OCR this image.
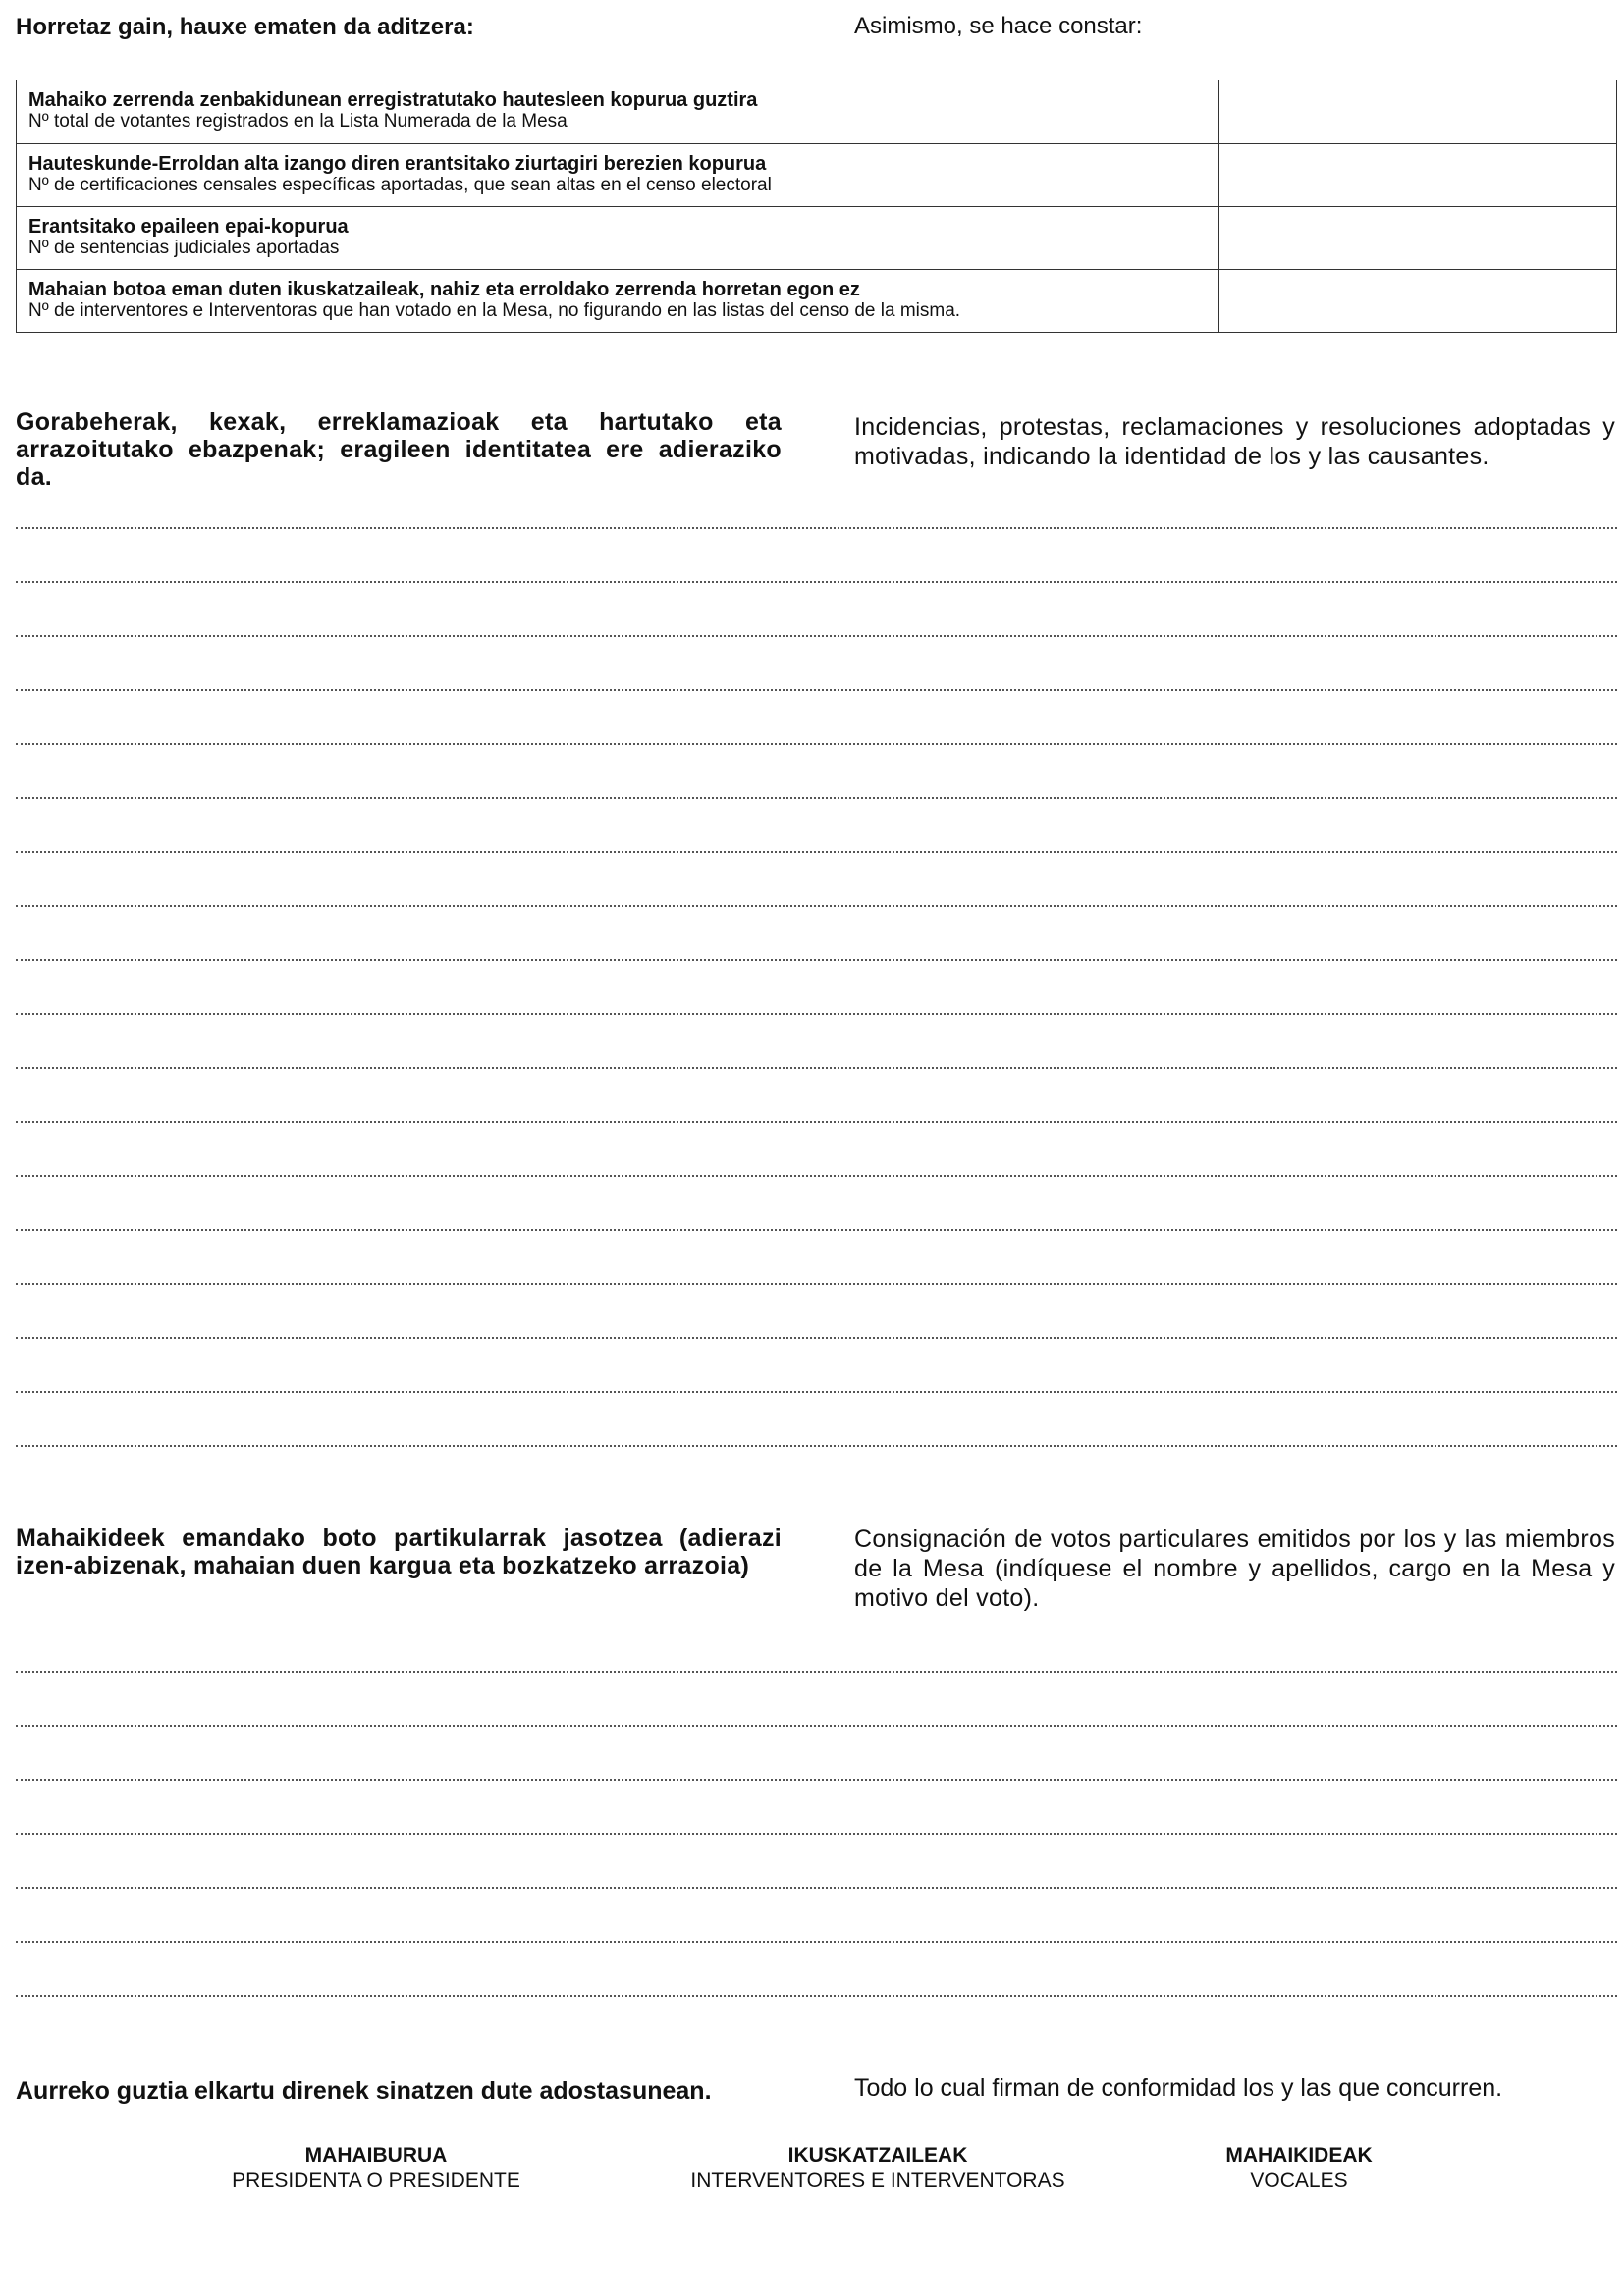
Horretaz gain, hauxe ematen da aditzera:	Asimismo, se hace constar:
Mahaiko zerrenda zenbakidunean erregistratutako hautesleen kopurua guztira
Nº total de votantes registrados en la Lista Numerada de la Mesa
Hauteskunde-Erroldan alta izango diren erantsitako ziurtagiri berezien kopurua
Nº de certificaciones censales específicas aportadas, que sean altas en el censo electoral
Erantsitako epaileen epai-kopurua
Nº de sentencias judiciales aportadas
Mahaian botoa eman duten ikuskatzaileak, nahiz eta erroldako zerrenda horretan egon ez
Nº de interventores e Interventoras que han votado en la Mesa, no figurando en las listas del censo de la misma.
Gorabeherak, kexak, erreklamazioak eta hartutako eta arrazoitutako ebazpenak; eragileen identitatea ere adieraziko da.
Incidencias, protestas, reclamaciones y resoluciones adoptadas y motivadas, indicando la identidad de los y las causantes.
Mahaikideek emandako boto partikularrak jasotzea (adierazi izen-abizenak, mahaian duen kargua eta bozkatzeko arrazoia)
Consignación de votos particulares emitidos por los y las miembros de la Mesa (indíquese el nombre y apellidos, cargo en la Mesa y motivo del voto).
Aurreko guztia elkartu direnek sinatzen dute adostasunean.	Todo lo cual firman de conformidad los y las que concurren.
MAHAIBURUA
PRESIDENTA O PRESIDENTE
IKUSKATZAILEAK
INTERVENTORES E INTERVENTORAS
MAHAIKIDEAK
VOCALES
